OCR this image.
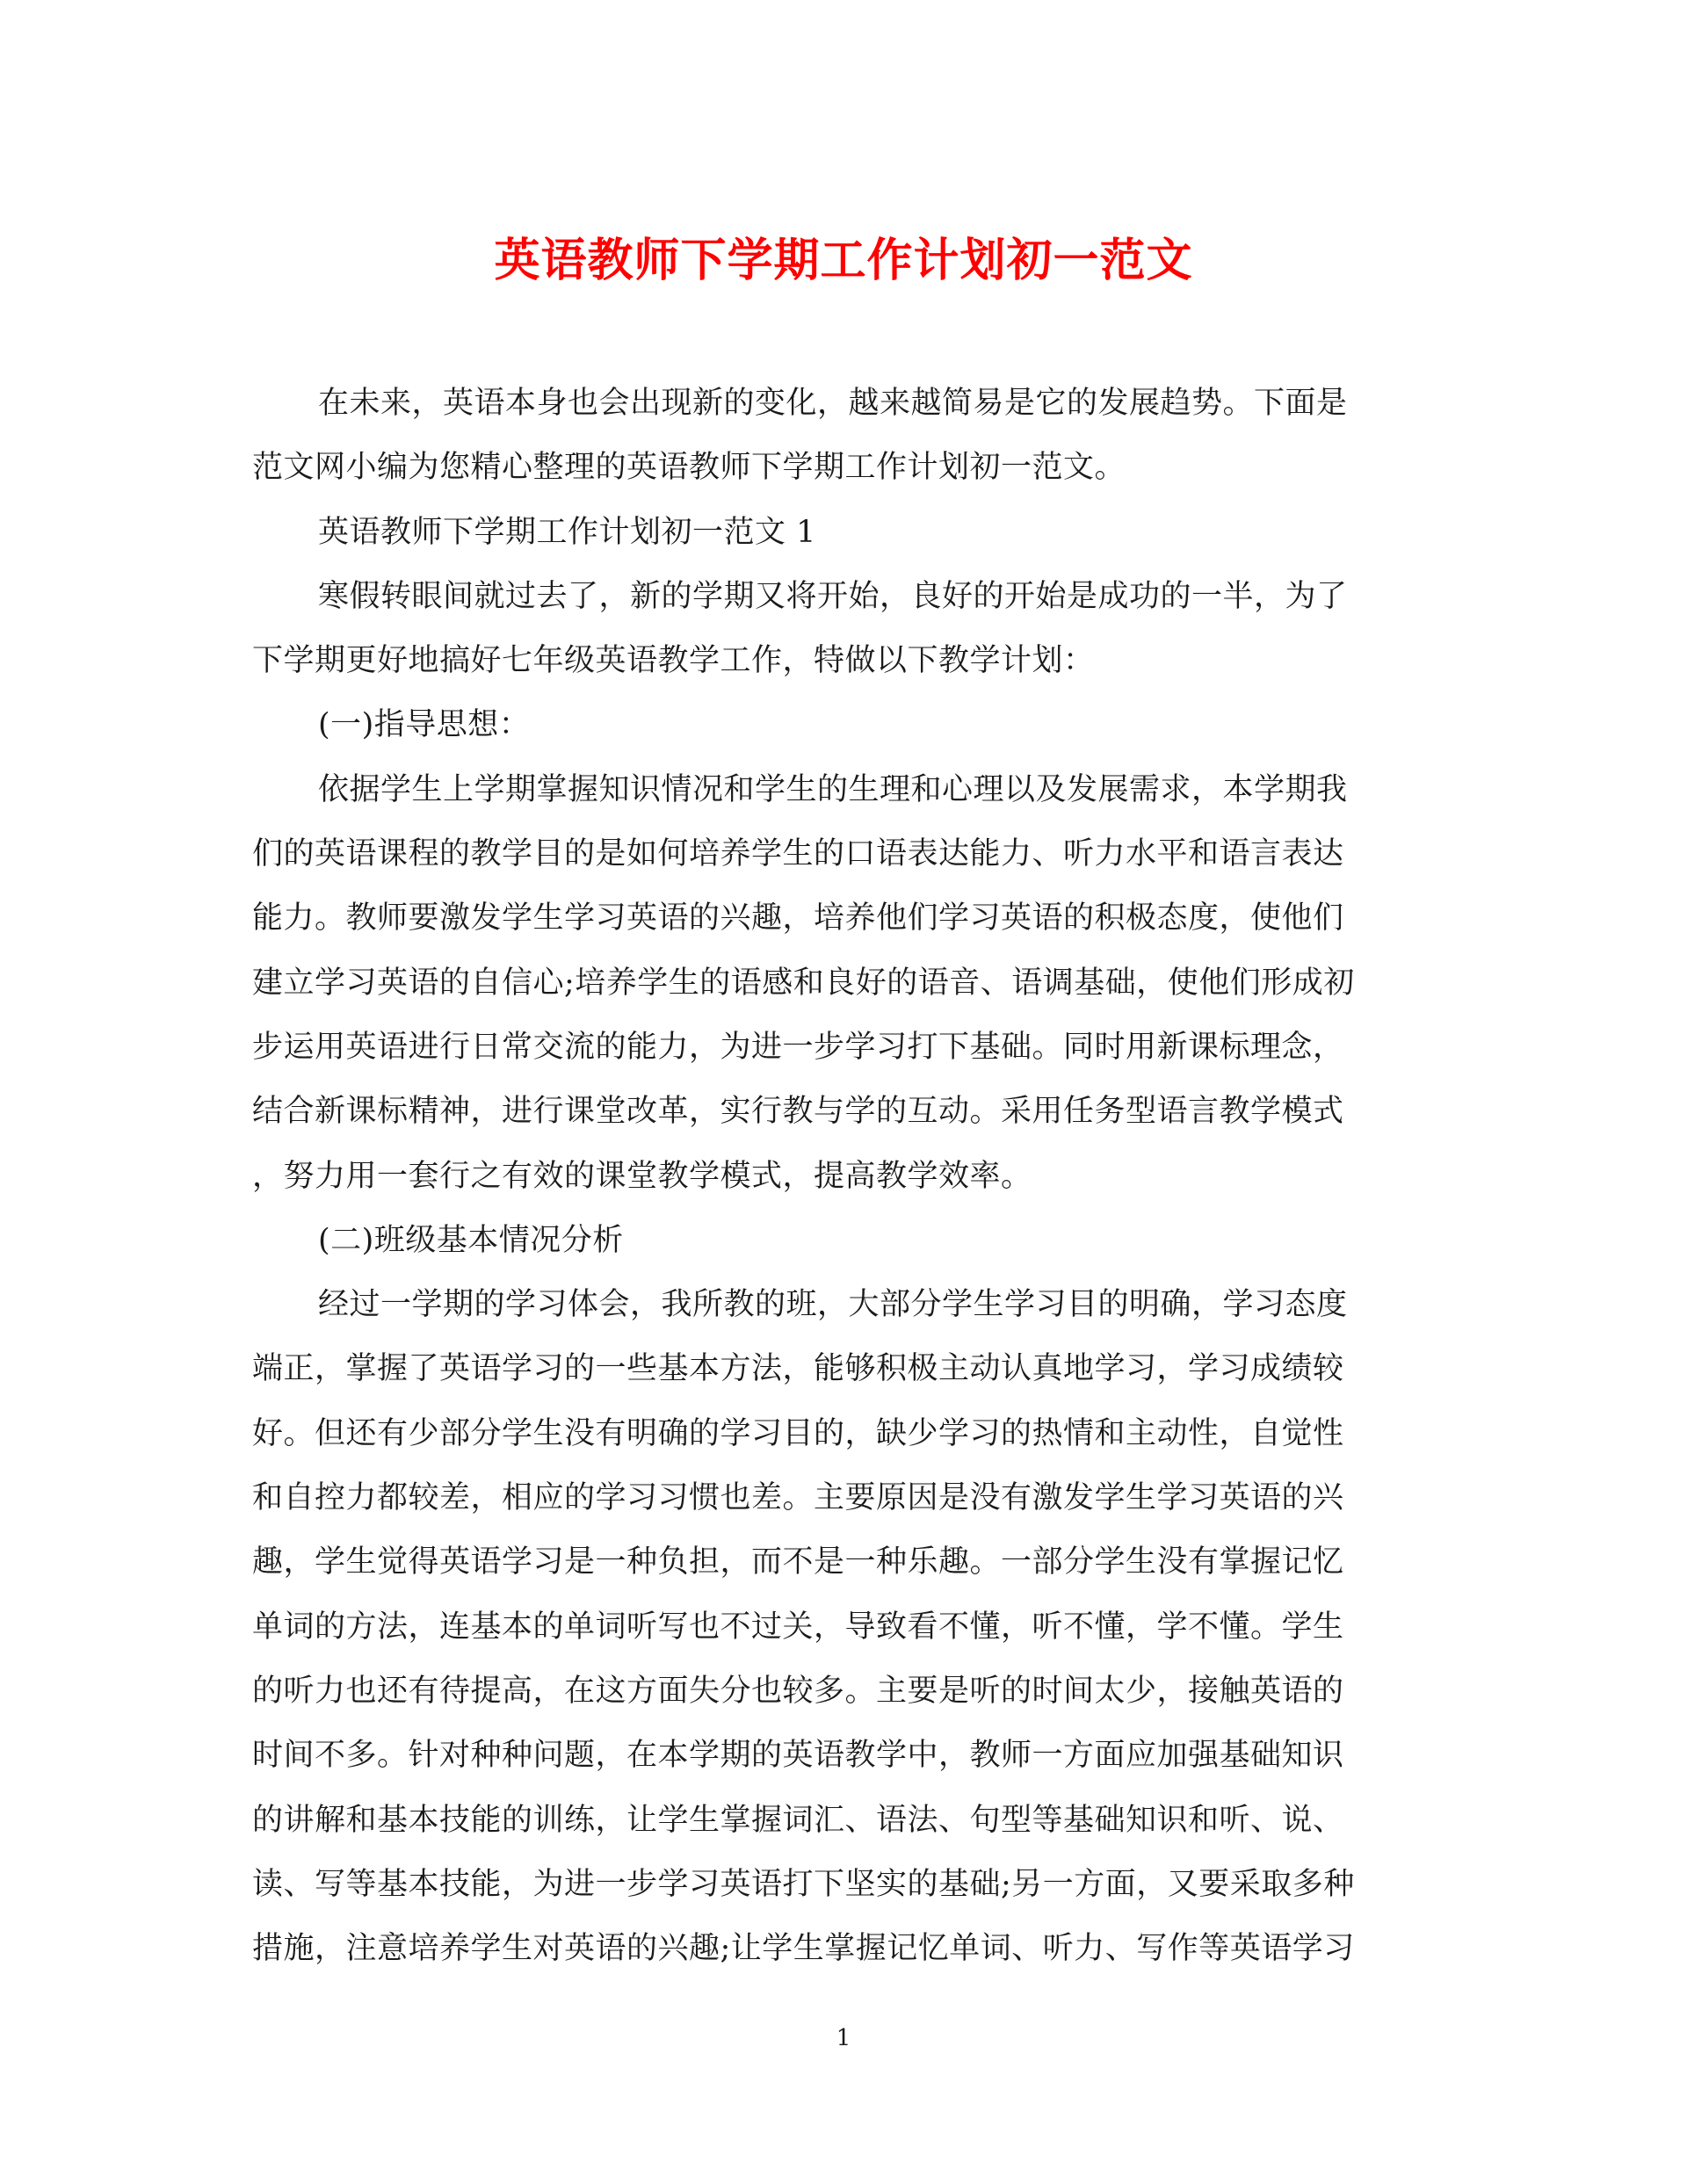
英语教师下学期工作计划初一范文
在未来，英语本身也会出现新的变化，越来越简易是它的发展趋势。下面是
范文网小编为您精心整理的英语教师下学期工作计划初一范文。
英语教师下学期工作计划初一范文 1
寒假转眼间就过去了，新的学期又将开始，良好的开始是成功的一半，为了
下学期更好地搞好七年级英语教学工作，特做以下教学计划：
(一)指导思想：
依据学生上学期掌握知识情况和学生的生理和心理以及发展需求，本学期我
们的英语课程的教学目的是如何培养学生的口语表达能力、听力水平和语言表达
能力。教师要激发学生学习英语的兴趣，培养他们学习英语的积极态度，使他们
建立学习英语的自信心;培养学生的语感和良好的语音、语调基础，使他们形成初
步运用英语进行日常交流的能力，为进一步学习打下基础。同时用新课标理念，
结合新课标精神，进行课堂改革，实行教与学的互动。采用任务型语言教学模式
，努力用一套行之有效的课堂教学模式，提高教学效率。
(二)班级基本情况分析
经过一学期的学习体会，我所教的班，大部分学生学习目的明确，学习态度
端正，掌握了英语学习的一些基本方法，能够积极主动认真地学习，学习成绩较
好。但还有少部分学生没有明确的学习目的，缺少学习的热情和主动性，自觉性
和自控力都较差，相应的学习习惯也差。主要原因是没有激发学生学习英语的兴
趣，学生觉得英语学习是一种负担，而不是一种乐趣。一部分学生没有掌握记忆
单词的方法，连基本的单词听写也不过关，导致看不懂，听不懂，学不懂。学生
的听力也还有待提高，在这方面失分也较多。主要是听的时间太少，接触英语的
时间不多。针对种种问题，在本学期的英语教学中，教师一方面应加强基础知识
的讲解和基本技能的训练，让学生掌握词汇、语法、句型等基础知识和听、说、
读、写等基本技能，为进一步学习英语打下坚实的基础;另一方面，又要采取多种
措施，注意培养学生对英语的兴趣;让学生掌握记忆单词、听力、写作等英语学习
1
